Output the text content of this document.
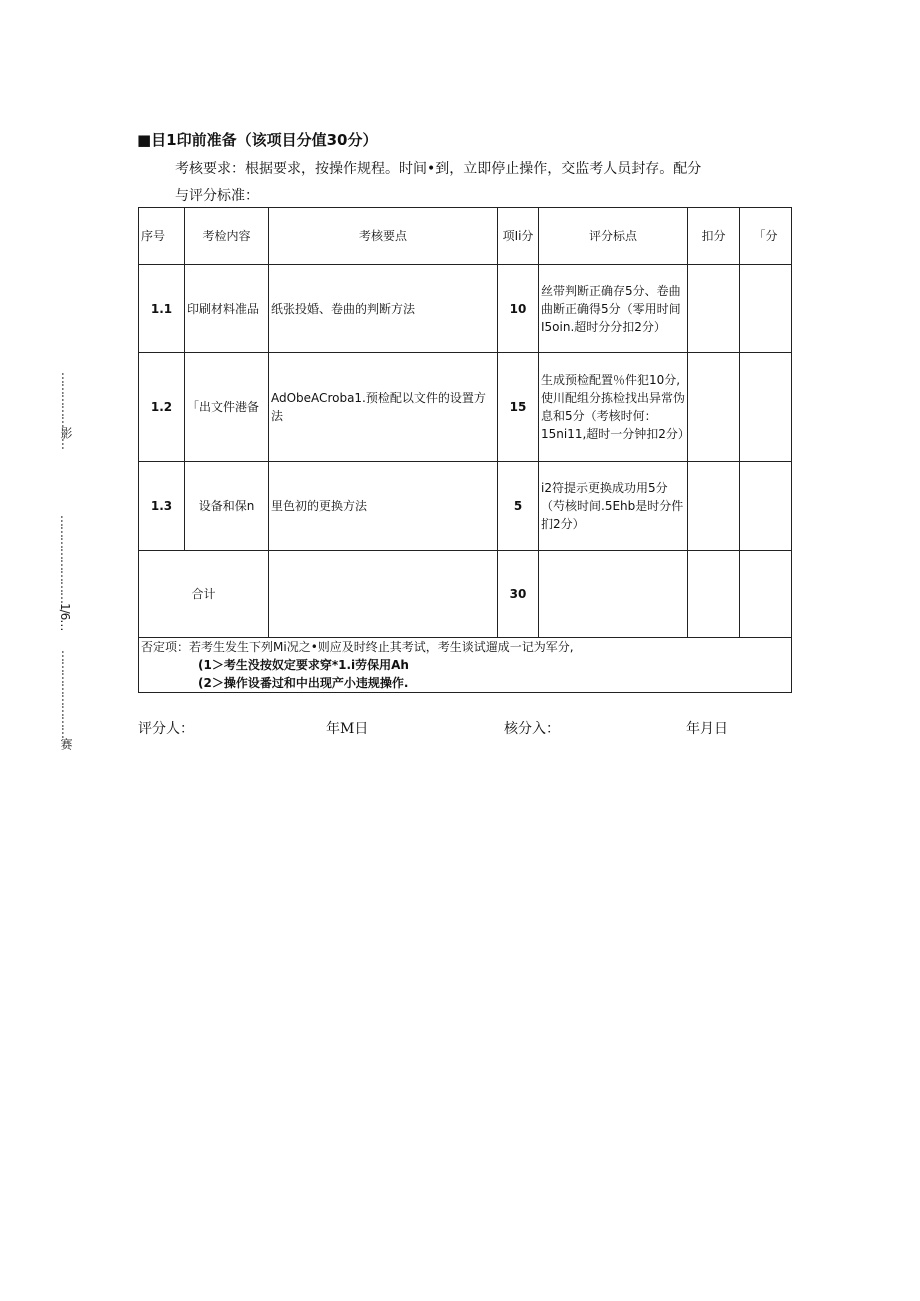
■目1印前准备（该项目分值30分）
考核要求：根据要求，按操作规程。时间•到，立即停止操作，交监考人员封存。配分
与评分标准：
序号	考检内容	考核要点	项Ii分	评分标点	扣分	「分
1.1	印刷材料准品	纸张投婚、卷曲的判断方法	10	丝带判断正确存5分、卷曲曲断正确得5分（零用时间I5oin.超时分分扣2分）		
1.2	「出文件港备	AdObeACroba1.预检配以文件的设置方法	15	生成预检配置％件犯10分,使川配组分拣检找出异常伪息和5分（考核时何：15ni11,超时一分钟扣2分）		
1.3	设备和保n	里色初的更换方法	5	i2符提示更换成功用5分（芍核时间.5Ehb是时分件扪2分）		
合计			30			

否定项：若考生发生下列Mi况之•则应及时终止其考试，考生谈试遛成一记为军分,
(1＞考生没按奴定要求穿*1.i劳保用Ah
(2＞操作设番过和中出现产小违规操作.						
评分人：	年M日	核分入：	年月日
……………影…
……………………1/6…
……………………赛
